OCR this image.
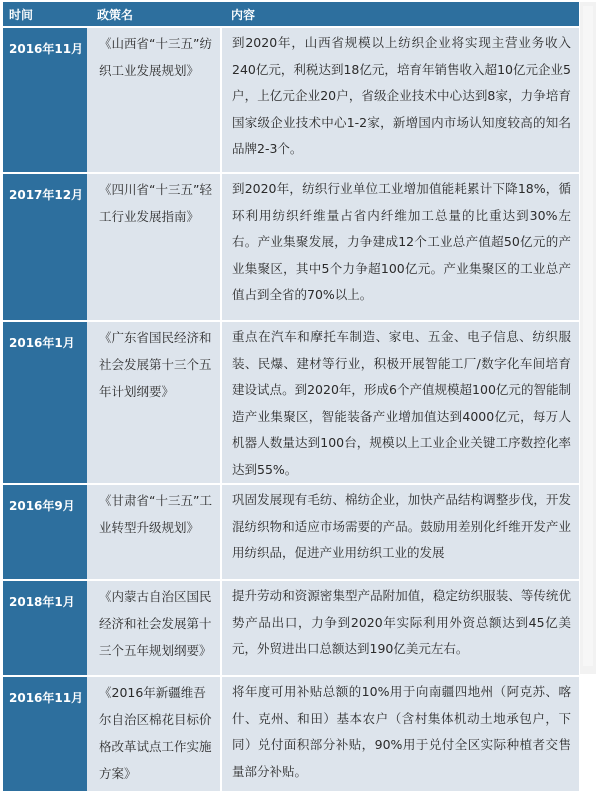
时间	政策名	内容
2016年11月	《山西省“十三五”纺织工业发展规划》	到2020年，山西省规模以上纺织企业将实现主营业务收入240亿元，利税达到18亿元，培育年销售收入超10亿元企业5户，上亿元企业20户，省级企业技术中心达到8家，力争培育国家级企业技术中心1-2家，新增国内市场认知度较高的知名品牌2-3个。
2017年12月	《四川省“十三五”轻工行业发展指南》	到2020年，纺织行业单位工业增加值能耗累计下降18%，循环利用纺织纤维量占省内纤维加工总量的比重达到30%左右。产业集聚发展，力争建成12个工业总产值超50亿元的产业集聚区，其中5个力争超100亿元。产业集聚区的工业总产值占到全省的70%以上。
2016年1月	《广东省国民经济和社会发展第十三个五年计划纲要》	重点在汽车和摩托车制造、家电、五金、电子信息、纺织服装、民爆、建材等行业，积极开展智能工厂/数字化车间培育建设试点。到2020年，形成6个产值规模超100亿元的智能制造产业集聚区，智能装备产业增加值达到4000亿元，每万人机器人数量达到100台，规模以上工业企业关键工序数控化率达到55%。
2016年9月	《甘肃省“十三五”工业转型升级规划》	巩固发展现有毛纺、棉纺企业，加快产品结构调整步伐，开发混纺织物和适应市场需要的产品。鼓励用差别化纤维开发产业用纺织品，促进产业用纺织工业的发展
2018年1月	《内蒙古自治区国民经济和社会发展第十三个五年规划纲要》	提升劳动和资源密集型产品附加值，稳定纺织服装、等传统优势产品出口，力争到2020年实际利用外资总额达到45亿美元，外贸进出口总额达到190亿美元左右。
2016年11月	《2016年新疆维吾尔自治区棉花目标价格改革试点工作实施方案》	将年度可用补贴总额的10%用于向南疆四地州（阿克苏、喀什、克州、和田）基本农户（含村集体机动土地承包户，下同）兑付面积部分补贴，90%用于兑付全区实际种植者交售量部分补贴。
